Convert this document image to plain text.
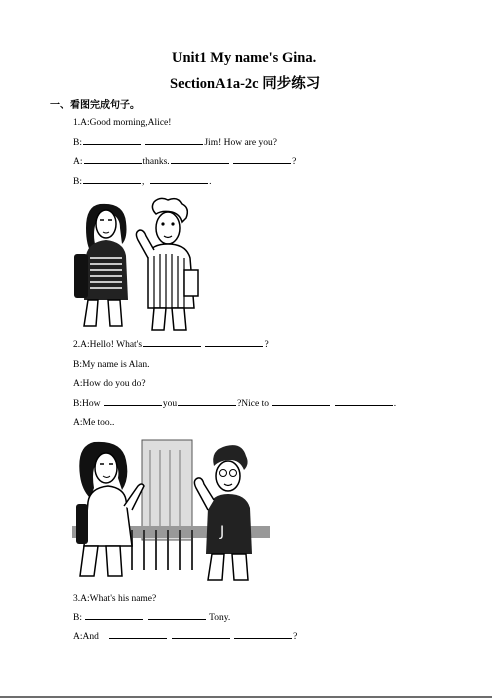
Unit1 My name's Gina.
SectionA1a-2c 同步练习
一、看图完成句子。
1.A:Good morning,Alice!
B:	Jim! How are you?
A:	thanks.	?
B:	,	.
2.A:Hello! What's	?
B:My name is Alan.
A:How do you do?
B:How	you	?Nice to	.
A:Me too..
J
3.A:What's his name?
B:	Tony.
A:And	?
